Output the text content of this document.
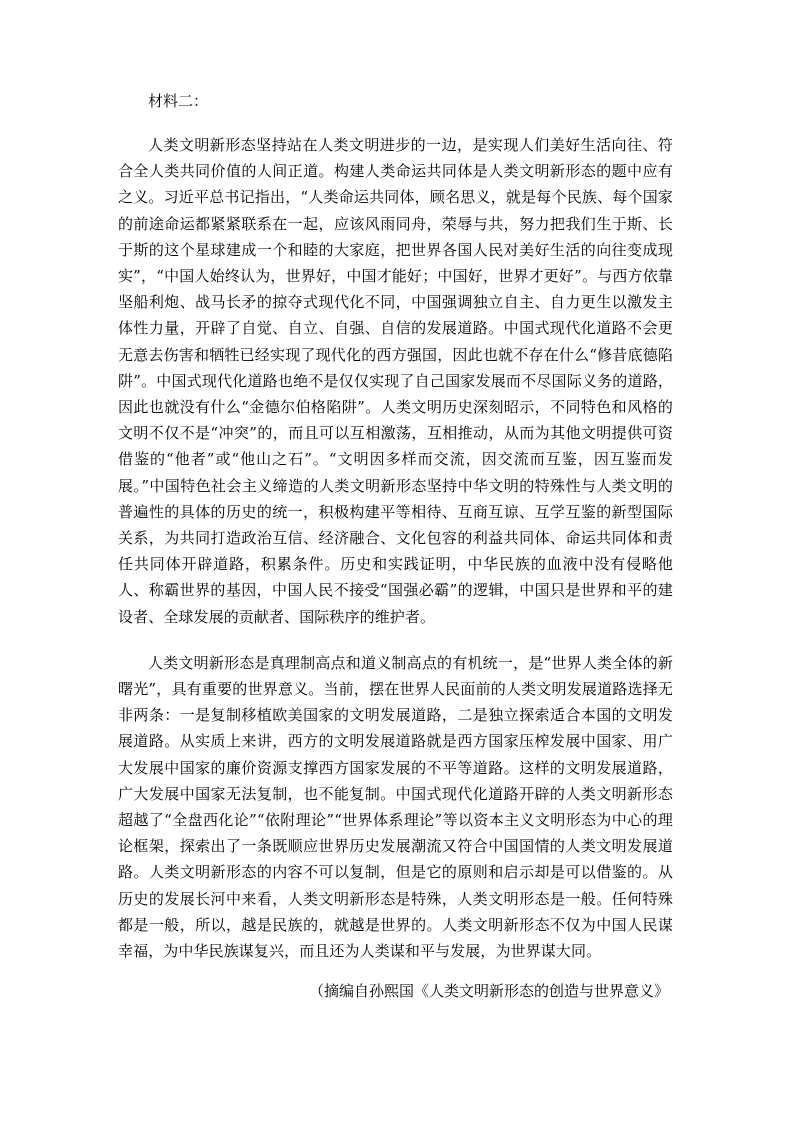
材料二：

人类文明新形态坚持站在人类文明进步的一边，是实现人们美好生活向往、符合全人类共同价值的人间正道。构建人类命运共同体是人类文明新形态的题中应有之义。习近平总书记指出，“人类命运共同体，顾名思义，就是每个民族、每个国家的前途命运都紧紧联系在一起，应该风雨同舟，荣辱与共，努力把我们生于斯、长于斯的这个星球建成一个和睦的大家庭，把世界各国人民对美好生活的向往变成现实”，“中国人始终认为，世界好，中国才能好；中国好，世界才更好”。与西方依靠坚船利炮、战马长矛的掠夺式现代化不同，中国强调独立自主、自力更生以激发主体性力量，开辟了自觉、自立、自强、自信的发展道路。中国式现代化道路不会更无意去伤害和牺牲已经实现了现代化的西方强国，因此也就不存在什么“修昔底德陷阱”。中国式现代化道路也绝不是仅仅实现了自己国家发展而不尽国际义务的道路，因此也就没有什么“金德尔伯格陷阱”。人类文明历史深刻昭示，不同特色和风格的文明不仅不是“冲突”的，而且可以互相激荡，互相推动，从而为其他文明提供可资借鉴的“他者”或“他山之石”。“文明因多样而交流，因交流而互鉴，因互鉴而发展。”中国特色社会主义缔造的人类文明新形态坚持中华文明的特殊性与人类文明的普遍性的具体的历史的统一，积极构建平等相待、互商互谅、互学互鉴的新型国际关系，为共同打造政治互信、经济融合、文化包容的利益共同体、命运共同体和责任共同体开辟道路，积累条件。历史和实践证明，中华民族的血液中没有侵略他人、称霸世界的基因，中国人民不接受“国强必霸”的逻辑，中国只是世界和平的建设者、全球发展的贡献者、国际秩序的维护者。

人类文明新形态是真理制高点和道义制高点的有机统一，是“世界人类全体的新曙光”，具有重要的世界意义。当前，摆在世界人民面前的人类文明发展道路选择无非两条：一是复制移植欧美国家的文明发展道路，二是独立探索适合本国的文明发展道路。从实质上来讲，西方的文明发展道路就是西方国家压榨发展中国家、用广大发展中国家的廉价资源支撑西方国家发展的不平等道路。这样的文明发展道路，广大发展中国家无法复制，也不能复制。中国式现代化道路开辟的人类文明新形态超越了“全盘西化论”“依附理论”“世界体系理论”等以资本主义文明形态为中心的理论框架，探索出了一条既顺应世界历史发展潮流又符合中国国情的人类文明发展道路。人类文明新形态的内容不可以复制，但是它的原则和启示却是可以借鉴的。从历史的发展长河中来看，人类文明新形态是特殊，人类文明形态是一般。任何特殊都是一般，所以，越是民族的，就越是世界的。人类文明新形态不仅为中国人民谋幸福，为中华民族谋复兴，而且还为人类谋和平与发展，为世界谋大同。

（摘编自孙熙国《人类文明新形态的创造与世界意义》
